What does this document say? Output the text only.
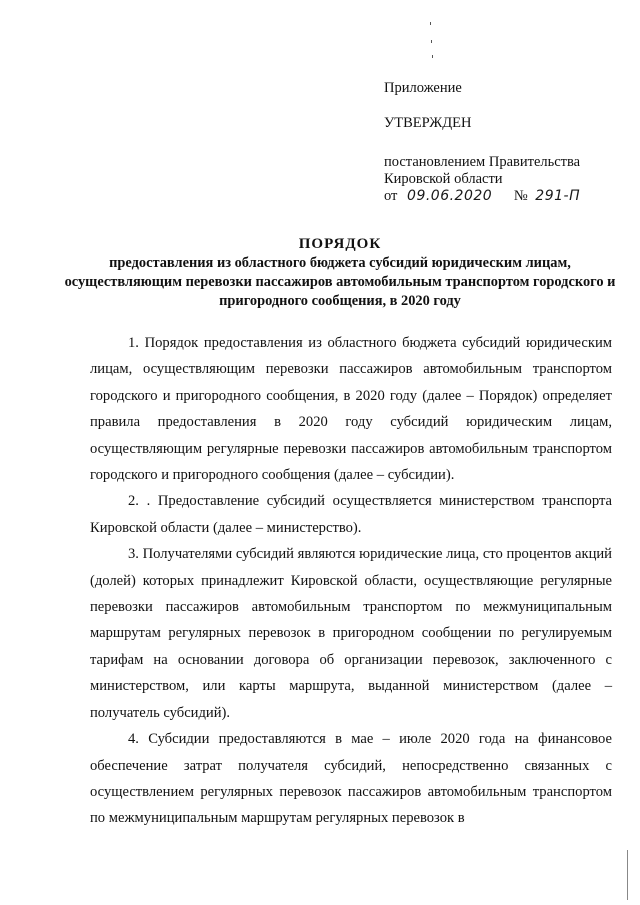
Приложение
УТВЕРЖДЕН
постановлением Правительства
Кировской области
от 09.06.2020 № 291-П
ПОРЯДОК
предоставления из областного бюджета субсидий юридическим лицам, осуществляющим перевозки пассажиров автомобильным транспортом городского и пригородного сообщения, в 2020 году

1. Порядок предоставления из областного бюджета субсидий юридическим лицам, осуществляющим перевозки пассажиров автомобильным транспортом городского и пригородного сообщения, в 2020 году (далее – Порядок) определяет правила предоставления в 2020 году субсидий юридическим лицам, осуществляющим регулярные перевозки пассажиров автомобильным транспортом городского и пригородного сообщения (далее – субсидии).

2. . Предоставление субсидий осуществляется министерством транспорта Кировской области (далее – министерство).

3. Получателями субсидий являются юридические лица, сто процентов акций (долей) которых принадлежит Кировской области, осуществляющие регулярные перевозки пассажиров автомобильным транспортом по межмуниципальным маршрутам регулярных перевозок в пригородном сообщении по регулируемым тарифам на основании договора об организации перевозок, заключенного с министерством, или карты маршрута, выданной министерством (далее – получатель субсидий).

4. Субсидии предоставляются в мае – июле 2020 года на финансовое обеспечение затрат получателя субсидий, непосредственно связанных с осуществлением регулярных перевозок пассажиров автомобильным транспортом по межмуниципальным маршрутам регулярных перевозок в
